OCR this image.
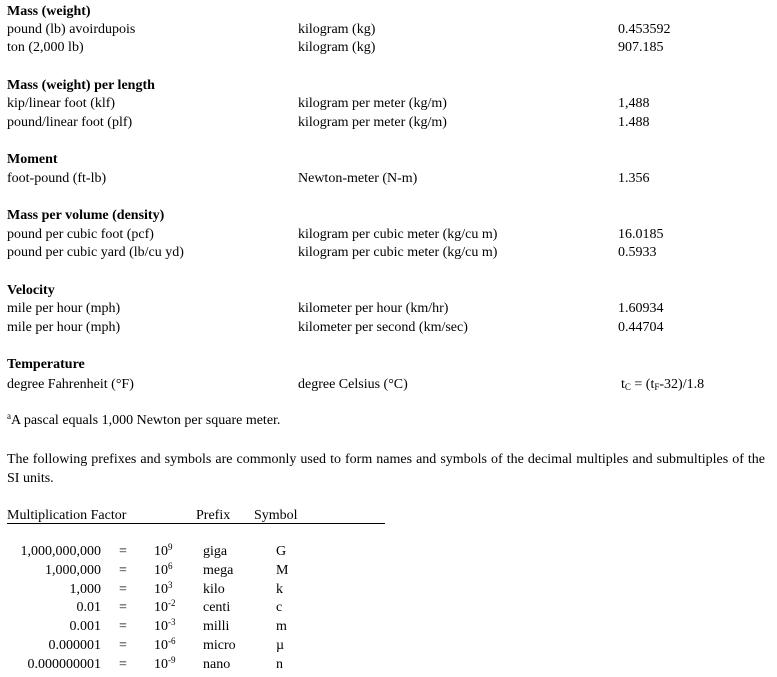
Mass (weight)
pound (lb) avoirdupois	kilogram (kg)	0.453592
ton (2,000 lb)	kilogram (kg)	907.185
Mass (weight) per length
kip/linear foot (klf)	kilogram per meter (kg/m)	1,488
pound/linear foot (plf)	kilogram per meter (kg/m)	1.488
Moment
foot-pound (ft-lb)	Newton-meter (N-m)	1.356
Mass per volume (density)
pound per cubic foot (pcf)	kilogram per cubic meter (kg/cu m)	16.0185
pound per cubic yard (lb/cu yd)	kilogram per cubic meter (kg/cu m)	0.5933
Velocity
mile per hour (mph)	kilometer per hour (km/hr)	1.60934
mile per hour (mph)	kilometer per second (km/sec)	0.44704
Temperature
degree Fahrenheit (°F)	degree Celsius (°C)	$t_C = (t_F-32)/1.8$
$^a$A pascal equals 1,000 Newton per square meter.

The following prefixes and symbols are commonly used to form names and symbols of the decimal multiples and submultiples of the SI units.

Multiplication Factor	Prefix Symbol
$1,000,000,000 = 10^9$ giga	G
$1,000,000 = 10^6$ mega	M
$1,000 = 10^3$ kilo	k
$0.01 = 10^{-2}$ centi	c
$0.001 = 10^{-3}$ milli	m
$0.000001 = 10^{-6}$ micro	µ
$0.000000001 = 10^{-9}$ nano	n
